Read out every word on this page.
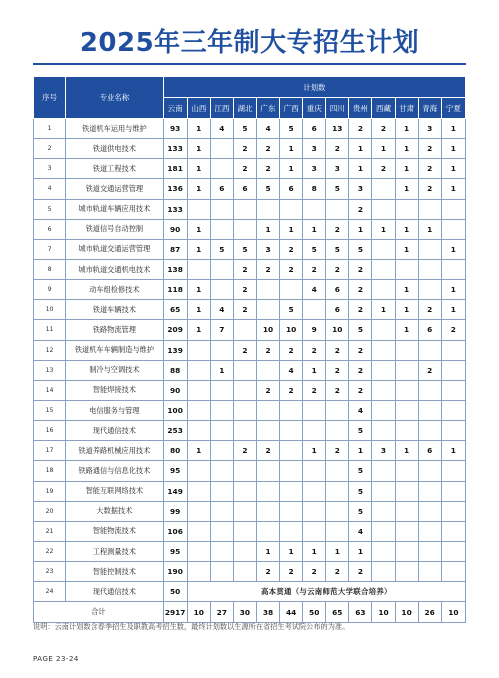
2025年三年制大专招生计划
序号	专业名称	计划数												
		云南	山西	江西	湖北	广东	广西	重庆	四川	贵州	西藏	甘肃	青海	宁夏
1	铁道机车运用与维护	93	1	4	5	4	5	6	13	2	2	1	3	1
2	铁道供电技术	133	1		2	2	1	3	2	1	1	1	2	1
3	铁道工程技术	181	1		2	2	1	3	3	1	2	1	2	1
4	铁道交通运营管理	136	1	6	6	5	6	8	5	3		1	2	1
5	城市轨道车辆应用技术	133								2				
6	铁道信号自动控制	90	1			1	1	1	2	1	1	1	1	
7	城市轨道交通运营管理	87	1	5	5	3	2	5	5	5		1		1
8	城市轨道交通机电技术	138			2	2	2	2	2	2				
9	动车组检修技术	118	1		2			4	6	2		1		1
10	铁道车辆技术	65	1	4	2		5		6	2	1	1	2	1
11	铁路物流管理	209	1	7		10	10	9	10	5		1	6	2
12	铁道机车车辆制造与维护	139			2	2	2	2	2	2				
13	制冷与空调技术	88		1			4	1	2	2			2	
14	智能焊接技术	90				2	2	2	2	2				
15	电信服务与管理	100								4				
16	现代通信技术	253								5				
17	铁道养路机械应用技术	80	1		2	2		1	2	1	3	1	6	1
18	铁路通信与信息化技术	95								5				
19	智能互联网络技术	149								5				
20	大数据技术	99								5				
21	智能物流技术	106								4				
22	工程测量技术	95				1	1	1	1	1				
23	智能控制技术	190				2	2	2	2	2				
24	现代通信技术	50	高本贯通（与云南师范大学联合培养）											
合计		2917	10	27	30	38	44	50	65	63	10	10	26	10
说明：云南计划数含春季招生及职教高考招生数，最终计划数以生源所在省招生考试院公布的为准。
PAGE 23-24
